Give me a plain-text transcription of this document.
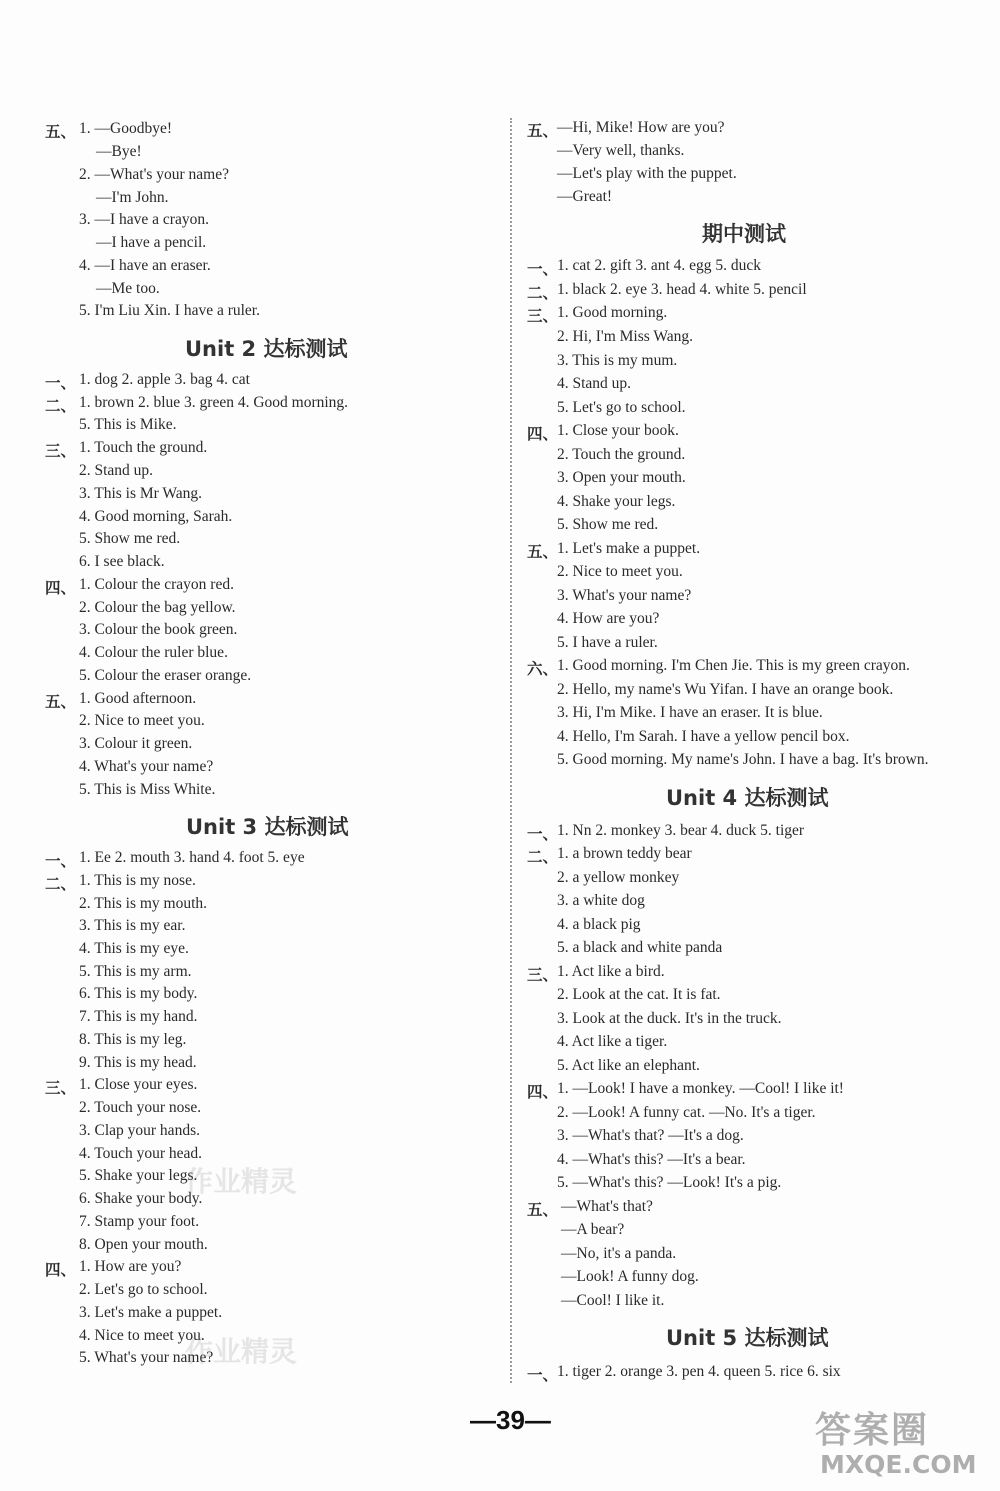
五、 1. —Goodbye!
—Bye!
2. —What's your name?
—I'm John.
3. —I have a crayon.
—I have a pencil.
4. —I have an eraser.
—Me too.
5. I'm Liu Xin. I have a ruler.
Unit 2 达标测试
一、 1. dog 2. apple 3. bag 4. cat
二、 1. brown 2. blue 3. green 4. Good morning.
5. This is Mike.
三、 1. Touch the ground.
2. Stand up.
3. This is Mr Wang.
4. Good morning, Sarah.
5. Show me red.
6. I see black.
四、 1. Colour the crayon red.
2. Colour the bag yellow.
3. Colour the book green.
4. Colour the ruler blue.
5. Colour the eraser orange.
五、 1. Good afternoon.
2. Nice to meet you.
3. Colour it green.
4. What's your name?
5. This is Miss White.
Unit 3 达标测试
一、 1. Ee 2. mouth 3. hand 4. foot 5. eye
二、 1. This is my nose.
2. This is my mouth.
3. This is my ear.
4. This is my eye.
5. This is my arm.
6. This is my body.
7. This is my hand.
8. This is my leg.
9. This is my head.
三、 1. Close your eyes.
2. Touch your nose.
3. Clap your hands.
4. Touch your head.
5. Shake your legs.
6. Shake your body.
7. Stamp your foot.
8. Open your mouth.
四、 1. How are you?
2. Let's go to school.
3. Let's make a puppet.
4. Nice to meet you.
5. What's your name?
五、
—Hi, Mike! How are you?
—Very well, thanks.
—Let's play with the puppet.
—Great!
期中测试
一、
1. cat 2. gift 3. ant 4. egg 5. duck
二、
1. black 2. eye 3. head 4. white 5. pencil
三、
1. Good morning.
2. Hi, I'm Miss Wang.
3. This is my mum.
4. Stand up.
5. Let's go to school.
四、
1. Close your book.
2. Touch the ground.
3. Open your mouth.
4. Shake your legs.
5. Show me red.
五、
1. Let's make a puppet.
2. Nice to meet you.
3. What's your name?
4. How are you?
5. I have a ruler.
六、
1. Good morning. I'm Chen Jie. This is my green crayon.
2. Hello, my name's Wu Yifan. I have an orange book.
3. Hi, I'm Mike. I have an eraser. It is blue.
4. Hello, I'm Sarah. I have a yellow pencil box.
5. Good morning. My name's John. I have a bag. It's brown.
Unit 4 达标测试
一、
1. Nn 2. monkey 3. bear 4. duck 5. tiger
二、
1. a brown teddy bear
2. a yellow monkey
3. a white dog
4. a black pig
5. a black and white panda
三、
1. Act like a bird.
2. Look at the cat. It is fat.
3. Look at the duck. It's in the truck.
4. Act like a tiger.
5. Act like an elephant.
四、
1. —Look! I have a monkey. —Cool! I like it!
2. —Look! A funny cat. —No. It's a tiger.
3. —What's that? —It's a dog.
4. —What's this? —It's a bear.
5. —What's this? —Look! It's a pig.
五、 —What's that?
—A bear?
—No, it's a panda.
—Look! A funny dog.
—Cool! I like it.
Unit 5 达标测试
一、
1. tiger 2. orange 3. pen 4. queen 5. rice 6. six
作业精灵
作业精灵
—39—	答案圈
MXQE.COM
